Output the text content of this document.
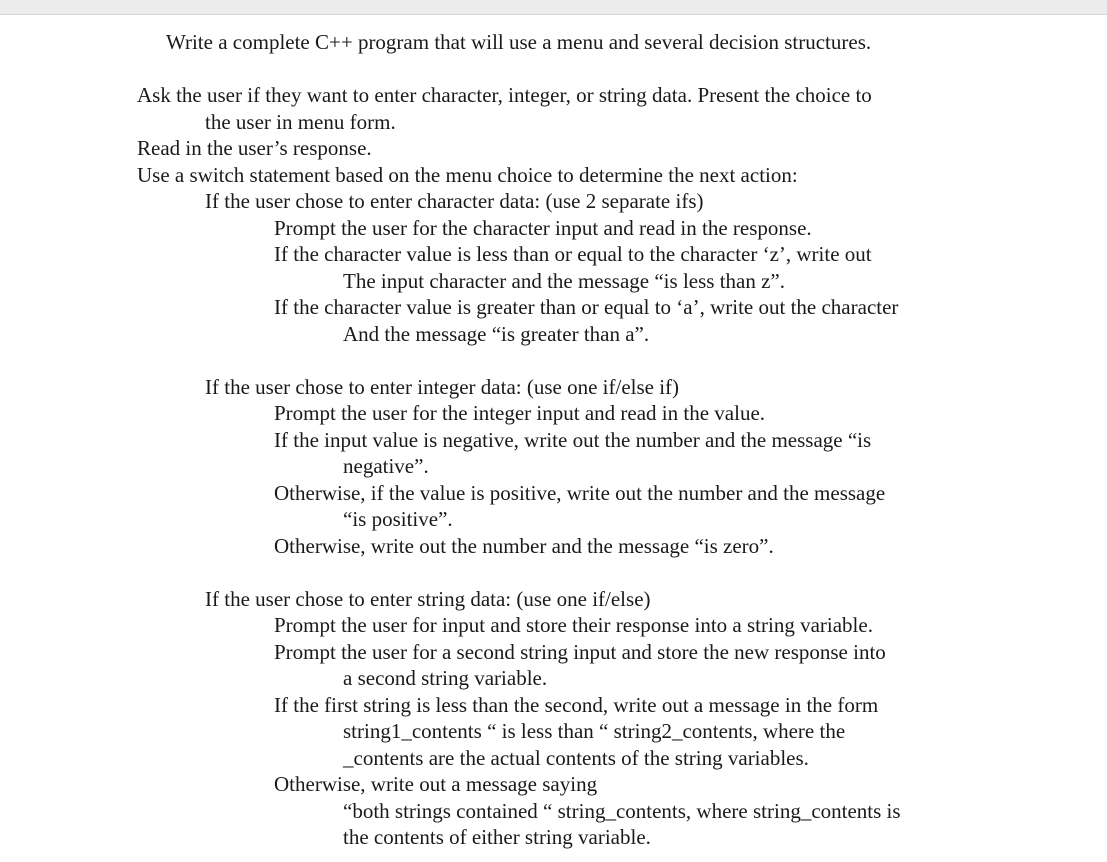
Write a complete C++ program that will use a menu and several decision structures.
Ask the user if they want to enter character, integer, or string data. Present the choice to
the user in menu form.
Read in the user’s response.
Use a switch statement based on the menu choice to determine the next action:
If the user chose to enter character data: (use 2 separate ifs)
Prompt the user for the character input and read in the response.
If the character value is less than or equal to the character ‘z’, write out
The input character and the message “is less than z”.
If the character value is greater than or equal to ‘a’, write out the character
And the message “is greater than a”.
If the user chose to enter integer data: (use one if/else if)
Prompt the user for the integer input and read in the value.
If the input value is negative, write out the number and the message “is
negative”.
Otherwise, if the value is positive, write out the number and the message
“is positive”.
Otherwise, write out the number and the message “is zero”.
If the user chose to enter string data: (use one if/else)
Prompt the user for input and store their response into a string variable.
Prompt the user for a second string input and store the new response into
a second string variable.
If the first string is less than the second, write out a message in the form
string1_contents “ is less than “ string2_contents, where the
_contents are the actual contents of the string variables.
Otherwise, write out a message saying
“both strings contained “ string_contents, where string_contents is
the contents of either string variable.
